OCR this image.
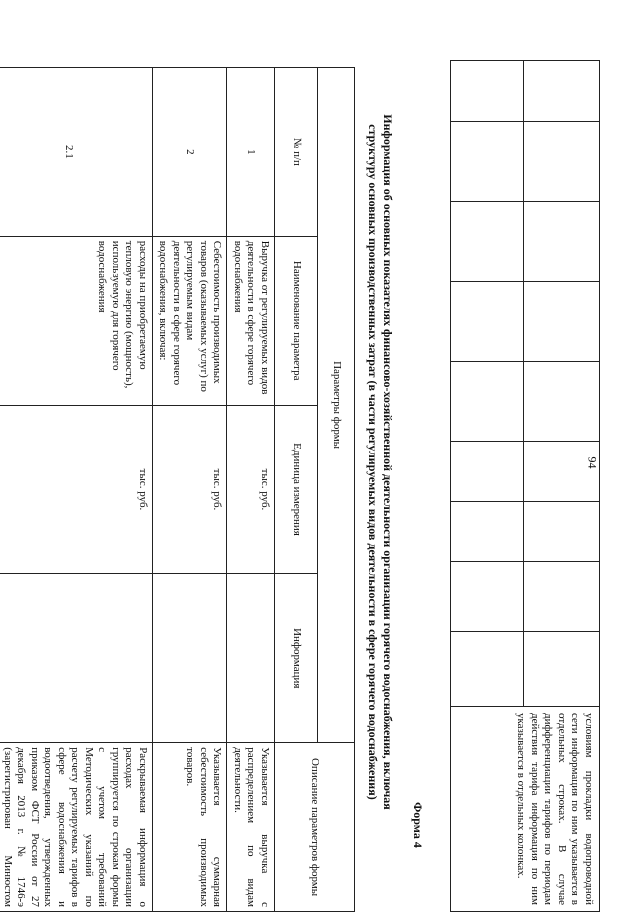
94
условиям прокладки водопроводной сети информация по ним указывается в отдельных строках. В случае дифференциации тарифов по периодам действия тарифа информация по ним указывается в отдельных колонках.
Форма 4
Информация об основных показателях финансово-хозяйственной деятельности организации горячего водоснабжения, включая
структуру основных производственных затрат (в части регулируемых видов деятельности в сфере горячего водоснабжения)
Параметры формы				Описание параметров формы
№ п/п	Наименование параметра	Единица измерения	Информация	
1	Выручка от регулируемых видов деятельности в сфере горячего водоснабжения	тыс. руб.		Указывается выручка с распределением по видам деятельности.
2	Себестоимость производимых товаров (оказываемых услуг) по регулируемым видам деятельности в сфере горячего водоснабжения, включая:	тыс. руб.		Указывается суммарная себестоимость производимых товаров.
2.1	расходы на приобретаемую тепловую энергию (мощность), используемую для горячего водоснабжения	тыс. руб.		Раскрываемая информация о расходах организации группируется по строкам формы с учетом требований Методических указаний по расчету регулируемых тарифов в сфере водоснабжения и водоотведения, утвержденных приказом ФСТ России от 27 декабря 2013 г. № 1746-э (зарегистрирован Минюстом
